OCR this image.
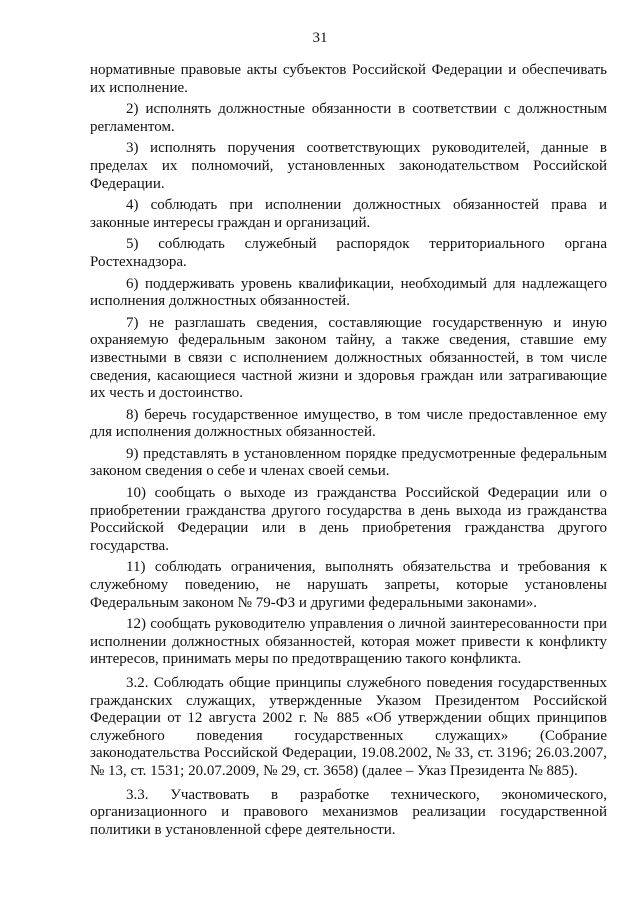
31

нормативные правовые акты субъектов Российской Федерации и обеспечивать их исполнение.

2) исполнять должностные обязанности в соответствии с должностным регламентом.

3) исполнять поручения соответствующих руководителей, данные в пределах их полномочий, установленных законодательством Российской Федерации.

4) соблюдать при исполнении должностных обязанностей права и законные интересы граждан и организаций.

5) соблюдать служебный распорядок территориального органа Ростехнадзора.

6) поддерживать уровень квалификации, необходимый для надлежащего исполнения должностных обязанностей.

7) не разглашать сведения, составляющие государственную и иную охраняемую федеральным законом тайну, а также сведения, ставшие ему известными в связи с исполнением должностных обязанностей, в том числе сведения, касающиеся частной жизни и здоровья граждан или затрагивающие их честь и достоинство.

8) беречь государственное имущество, в том числе предоставленное ему для исполнения должностных обязанностей.

9) представлять в установленном порядке предусмотренные федеральным законом сведения о себе и членах своей семьи.

10) сообщать о выходе из гражданства Российской Федерации или о приобретении гражданства другого государства в день выхода из гражданства Российской Федерации или в день приобретения гражданства другого государства.

11) соблюдать ограничения, выполнять обязательства и требования к служебному поведению, не нарушать запреты, которые установлены Федеральным законом № 79-ФЗ и другими федеральными законами».

12) сообщать руководителю управления о личной заинтересованности при исполнении должностных обязанностей, которая может привести к конфликту интересов, принимать меры по предотвращению такого конфликта.

3.2. Соблюдать общие принципы служебного поведения государственных гражданских служащих, утвержденные Указом Президентом Российской Федерации от 12 августа 2002 г. № 885 «Об утверждении общих принципов служебного поведения государственных служащих» (Собрание законодательства Российской Федерации, 19.08.2002, № 33, ст. 3196; 26.03.2007, № 13, ст. 1531; 20.07.2009, № 29, ст. 3658) (далее – Указ Президента № 885).

3.3. Участвовать в разработке технического, экономического, организационного и правового механизмов реализации государственной политики в установленной сфере деятельности.
